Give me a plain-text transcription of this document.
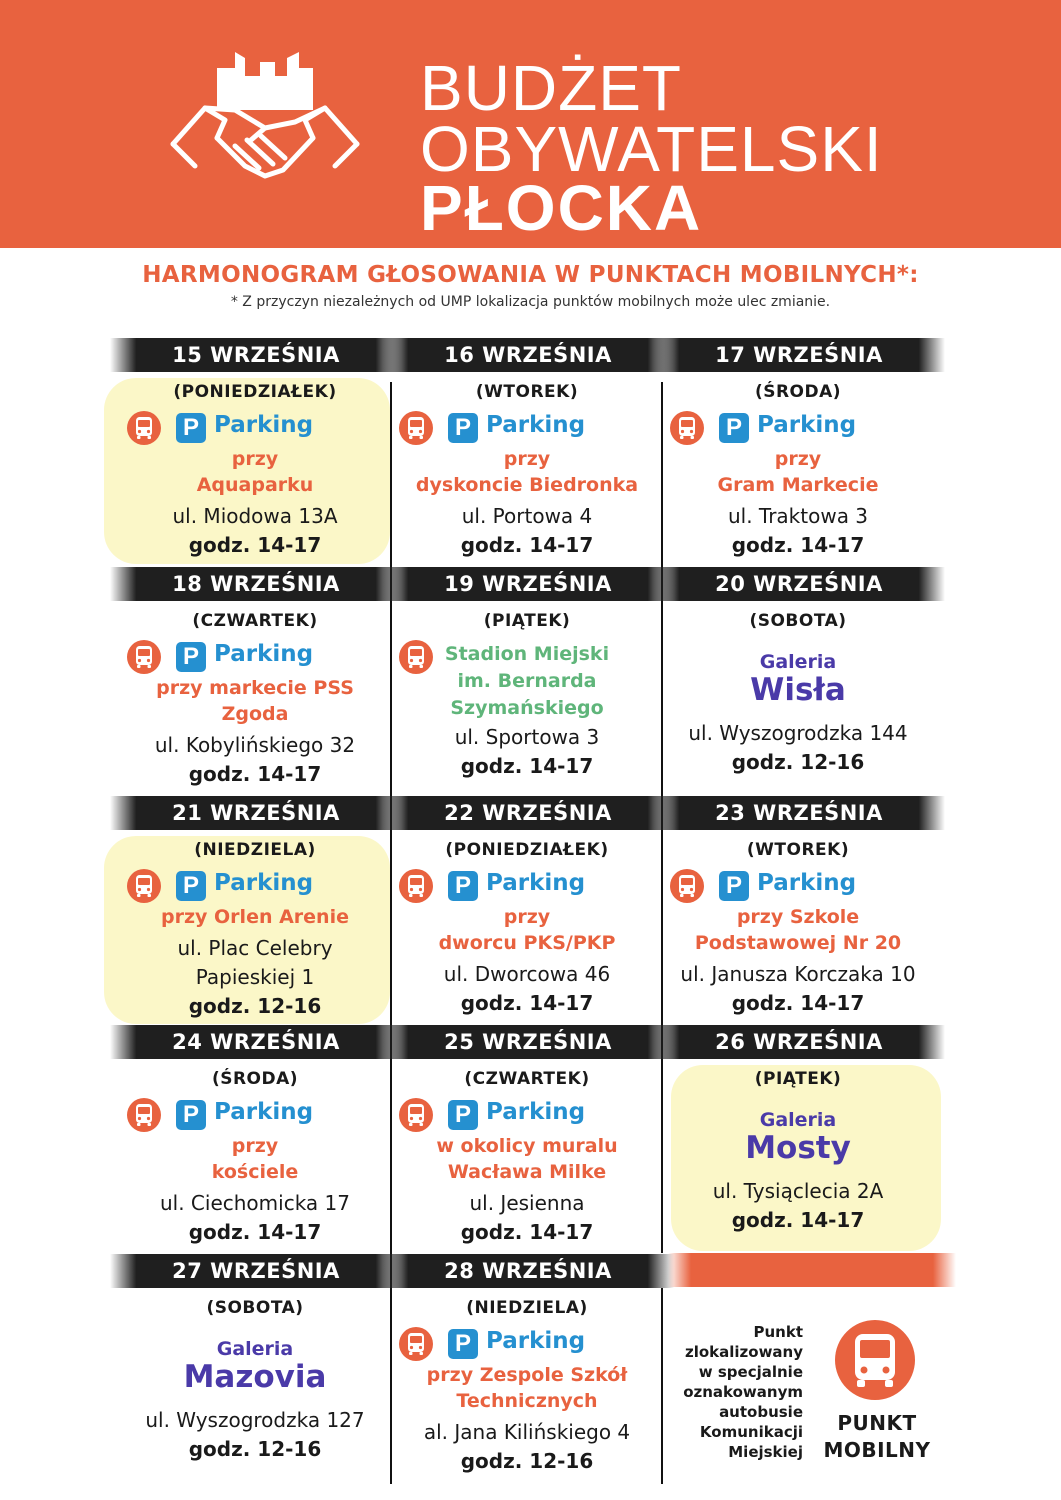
BUDŻET
OBYWATELSKI
PŁOCKA
HARMONOGRAM GŁOSOWANIA W PUNKTACH MOBILNYCH*:
* Z przyczyn niezależnych od UMP lokalizacja punktów mobilnych może ulec zmianie.
15 WRZEŚNIA
(PONIEDZIAŁEK)
P Parking
przy
Aquaparku
ul. Miodowa 13A
godz. 14-17
16 WRZEŚNIA
(WTOREK)
P Parking
przy
dyskoncie Biedronka
ul. Portowa 4
godz. 14-17
17 WRZEŚNIA
(ŚRODA)
P Parking
przy
Gram Markecie
ul. Traktowa 3
godz. 14-17
18 WRZEŚNIA
(CZWARTEK)
P Parking
przy markecie PSS
Zgoda
ul. Kobylińskiego 32
godz. 14-17
19 WRZEŚNIA
(PIĄTEK)
Stadion Miejski
im. Bernarda
Szymańskiego
ul. Sportowa 3
godz. 14-17
20 WRZEŚNIA
(SOBOTA)
Galeria
Wisła
ul. Wyszogrodzka 144
godz. 12-16
21 WRZEŚNIA
(NIEDZIELA)
P Parking
przy Orlen Arenie
ul. Plac Celebry
Papieskiej 1
godz. 12-16
22 WRZEŚNIA
(PONIEDZIAŁEK)
P Parking
przy
dworcu PKS/PKP
ul. Dworcowa 46
godz. 14-17
23 WRZEŚNIA
(WTOREK)
P Parking
przy Szkole
Podstawowej Nr 20
ul. Janusza Korczaka 10
godz. 14-17
24 WRZEŚNIA
(ŚRODA)
P Parking
przy
kościele
ul. Ciechomicka 17
godz. 14-17
25 WRZEŚNIA
(CZWARTEK)
P Parking
w okolicy muralu
Wacława Milke
ul. Jesienna
godz. 14-17
26 WRZEŚNIA
(PIĄTEK)
Galeria
Mosty
ul. Tysiąclecia 2A
godz. 14-17
27 WRZEŚNIA
(SOBOTA)
Galeria
Mazovia
ul. Wyszogrodzka 127
godz. 12-16
28 WRZEŚNIA
(NIEDZIELA)
P Parking
przy Zespole Szkół
Technicznych
al. Jana Kilińskiego 4
godz. 12-16
Punkt
zlokalizowany
w specjalnie
oznakowanym
autobusie
Komunikacji
Miejskiej
PUNKT
MOBILNY
